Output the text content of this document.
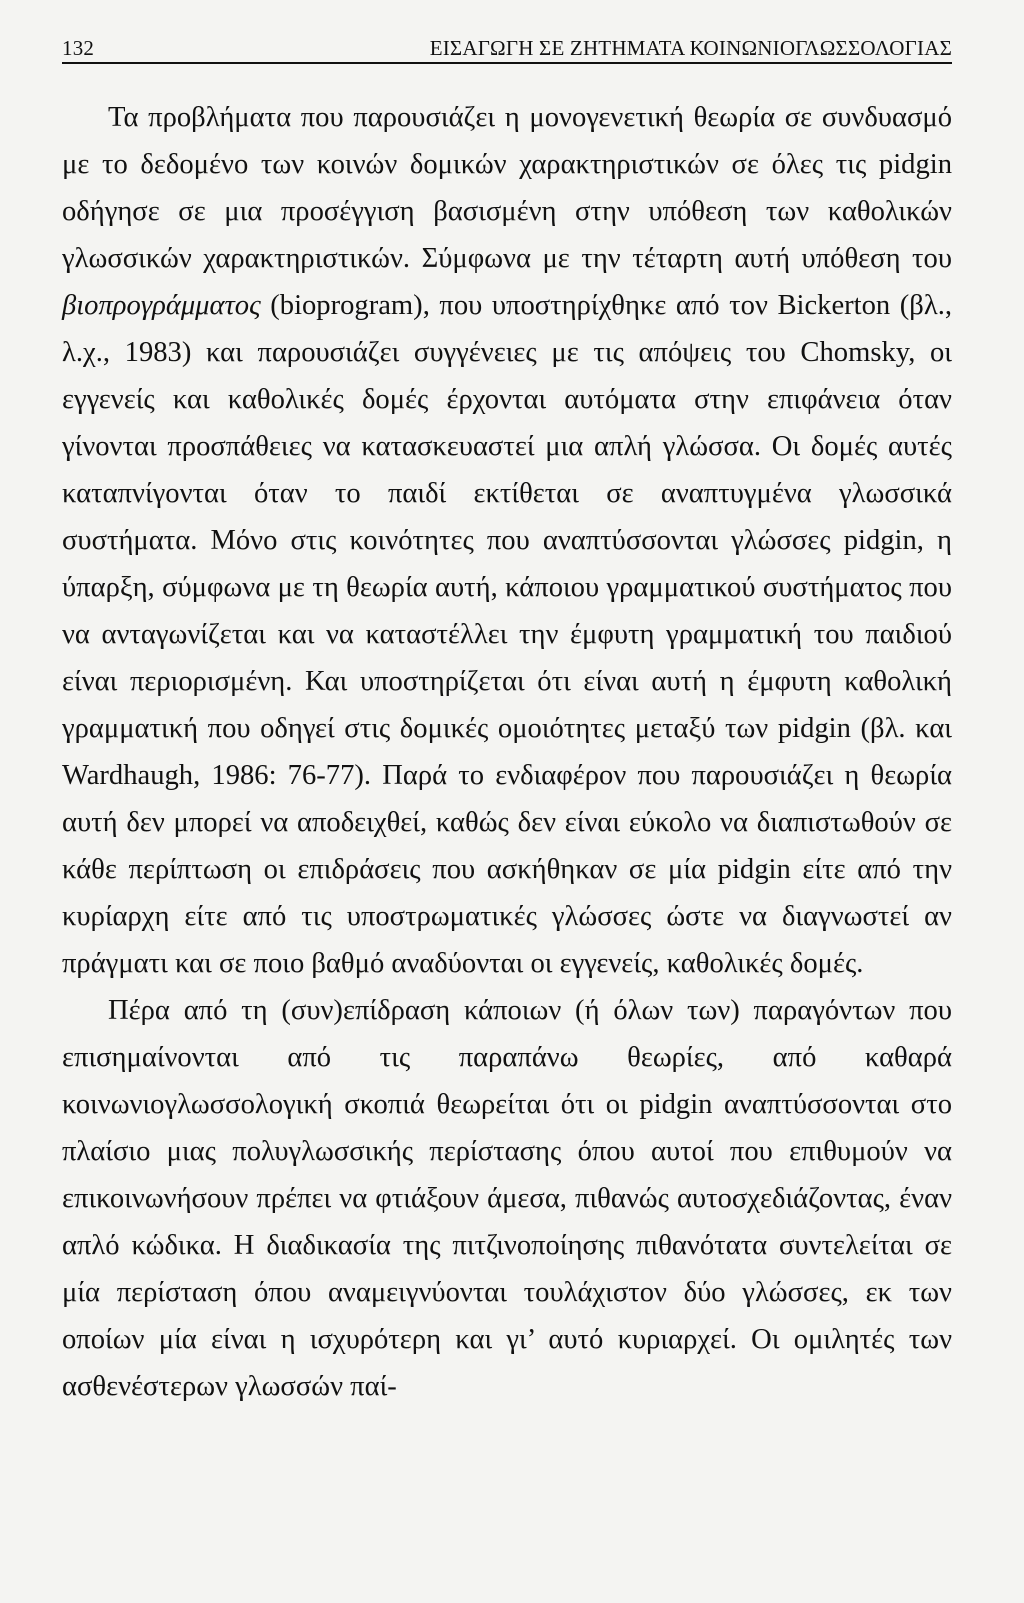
132	ΕΙΣΑΓΩΓΗ ΣΕ ΖΗΤΗΜΑΤΑ ΚΟΙΝΩΝΙΟΓΛΩΣΣΟΛΟΓΙΑΣ

Τα προβλήματα που παρουσιάζει η μονογενετική θεωρία σε συνδυασμό με το δεδομένο των κοινών δομικών χαρακτηριστικών σε όλες τις pidgin οδήγησε σε μια προσέγγιση βασισμένη στην υπόθεση των καθολικών γλωσσικών χαρακτηριστικών. Σύμφωνα με την τέταρτη αυτή υπόθεση του βιοπρογράμματος (bioprogram), που υποστηρίχθηκε από τον Bickerton (βλ., λ.χ., 1983) και παρουσιάζει συγγένειες με τις απόψεις του Chomsky, οι εγγενείς και καθολικές δομές έρχονται αυτόματα στην επιφάνεια όταν γίνονται προσπάθειες να κατασκευαστεί μια απλή γλώσσα. Οι δομές αυτές καταπνίγονται όταν το παιδί εκτίθεται σε αναπτυγμένα γλωσσικά συστήματα. Μόνο στις κοινότητες που αναπτύσσονται γλώσσες pidgin, η ύπαρξη, σύμφωνα με τη θεωρία αυτή, κάποιου γραμματικού συστήματος που να ανταγωνίζεται και να καταστέλλει την έμφυτη γραμματική του παιδιού είναι περιορισμένη. Και υποστηρίζεται ότι είναι αυτή η έμφυτη καθολική γραμματική που οδηγεί στις δομικές ομοιότητες μεταξύ των pidgin (βλ. και Wardhaugh, 1986: 76-77). Παρά το ενδιαφέρον που παρουσιάζει η θεωρία αυτή δεν μπορεί να αποδειχθεί, καθώς δεν είναι εύκολο να διαπιστωθούν σε κάθε περίπτωση οι επιδράσεις που ασκήθηκαν σε μία pidgin είτε από την κυρίαρχη είτε από τις υποστρωματικές γλώσσες ώστε να διαγνωστεί αν πράγματι και σε ποιο βαθμό αναδύονται οι εγγενείς, καθολικές δομές.

Πέρα από τη (συν)επίδραση κάποιων (ή όλων των) παραγόντων που επισημαίνονται από τις παραπάνω θεωρίες, από καθαρά κοινωνιογλωσσολογική σκοπιά θεωρείται ότι οι pidgin αναπτύσσονται στο πλαίσιο μιας πολυγλωσσικής περίστασης όπου αυτοί που επιθυμούν να επικοινωνήσουν πρέπει να φτιάξουν άμεσα, πιθανώς αυτοσχεδιάζοντας, έναν απλό κώδικα. Η διαδικασία της πιτζινοποίησης πιθανότατα συντελείται σε μία περίσταση όπου αναμειγνύονται τουλάχιστον δύο γλώσσες, εκ των οποίων μία είναι η ισχυρότερη και γι’ αυτό κυριαρχεί. Οι ομιλητές των ασθενέστερων γλωσσών παί-
